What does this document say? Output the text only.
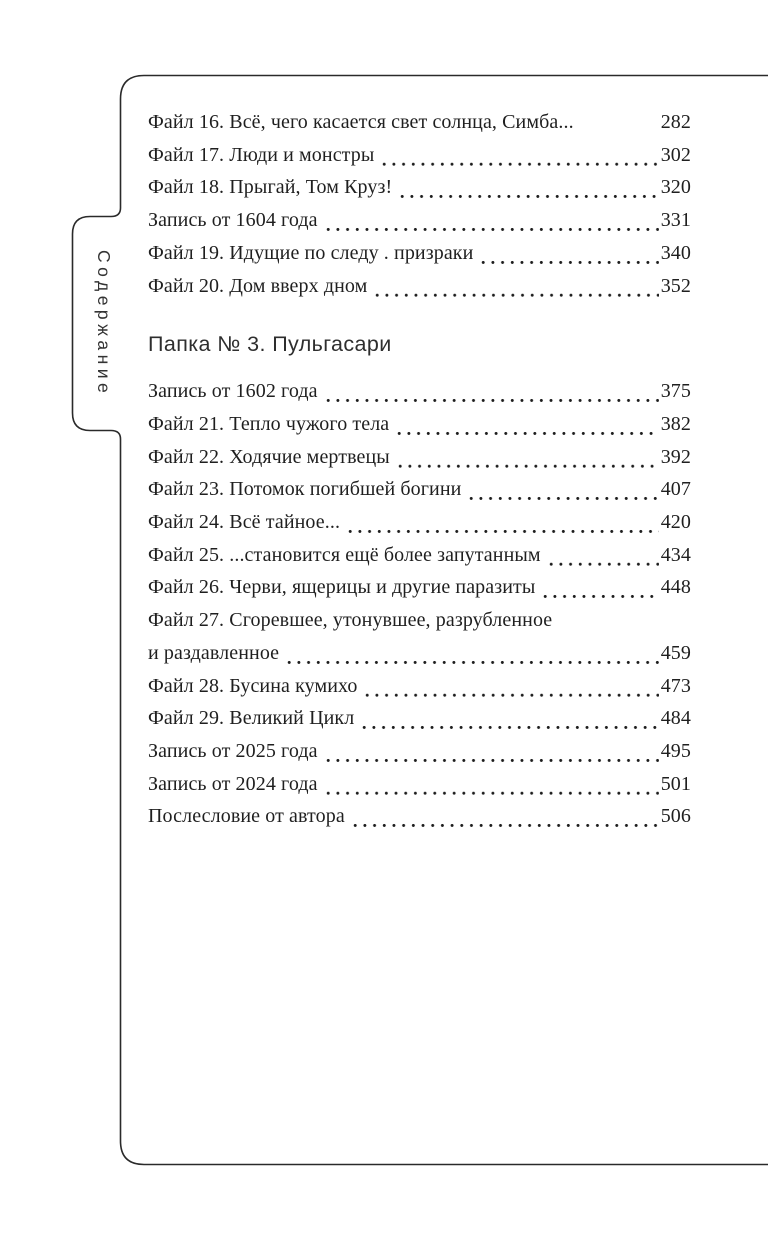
Содержание
Файл 16. Всё, чего касается свет солнца, Симба...	282
Файл 17. Люди и монстры	302
Файл 18. Прыгай, Том Круз!	320
Запись от 1604 года	331
Файл 19. Идущие по следу . призраки	340
Файл 20. Дом вверх дном	352
Папка № 3. Пульгасари
Запись от 1602 года	375
Файл 21. Тепло чужого тела	382
Файл 22. Ходячие мертвецы	392
Файл 23. Потомок погибшей богини	407
Файл 24. Всё тайное...	420
Файл 25. ...становится ещё более запутанным	434
Файл 26. Черви, ящерицы и другие паразиты	448
Файл 27. Сгоревшее, утонувшее, разрубленное
и раздавленное	459
Файл 28. Бусина кумихо	473
Файл 29. Великий Цикл	484
Запись от 2025 года	495
Запись от 2024 года	501
Послесловие от автора	506
